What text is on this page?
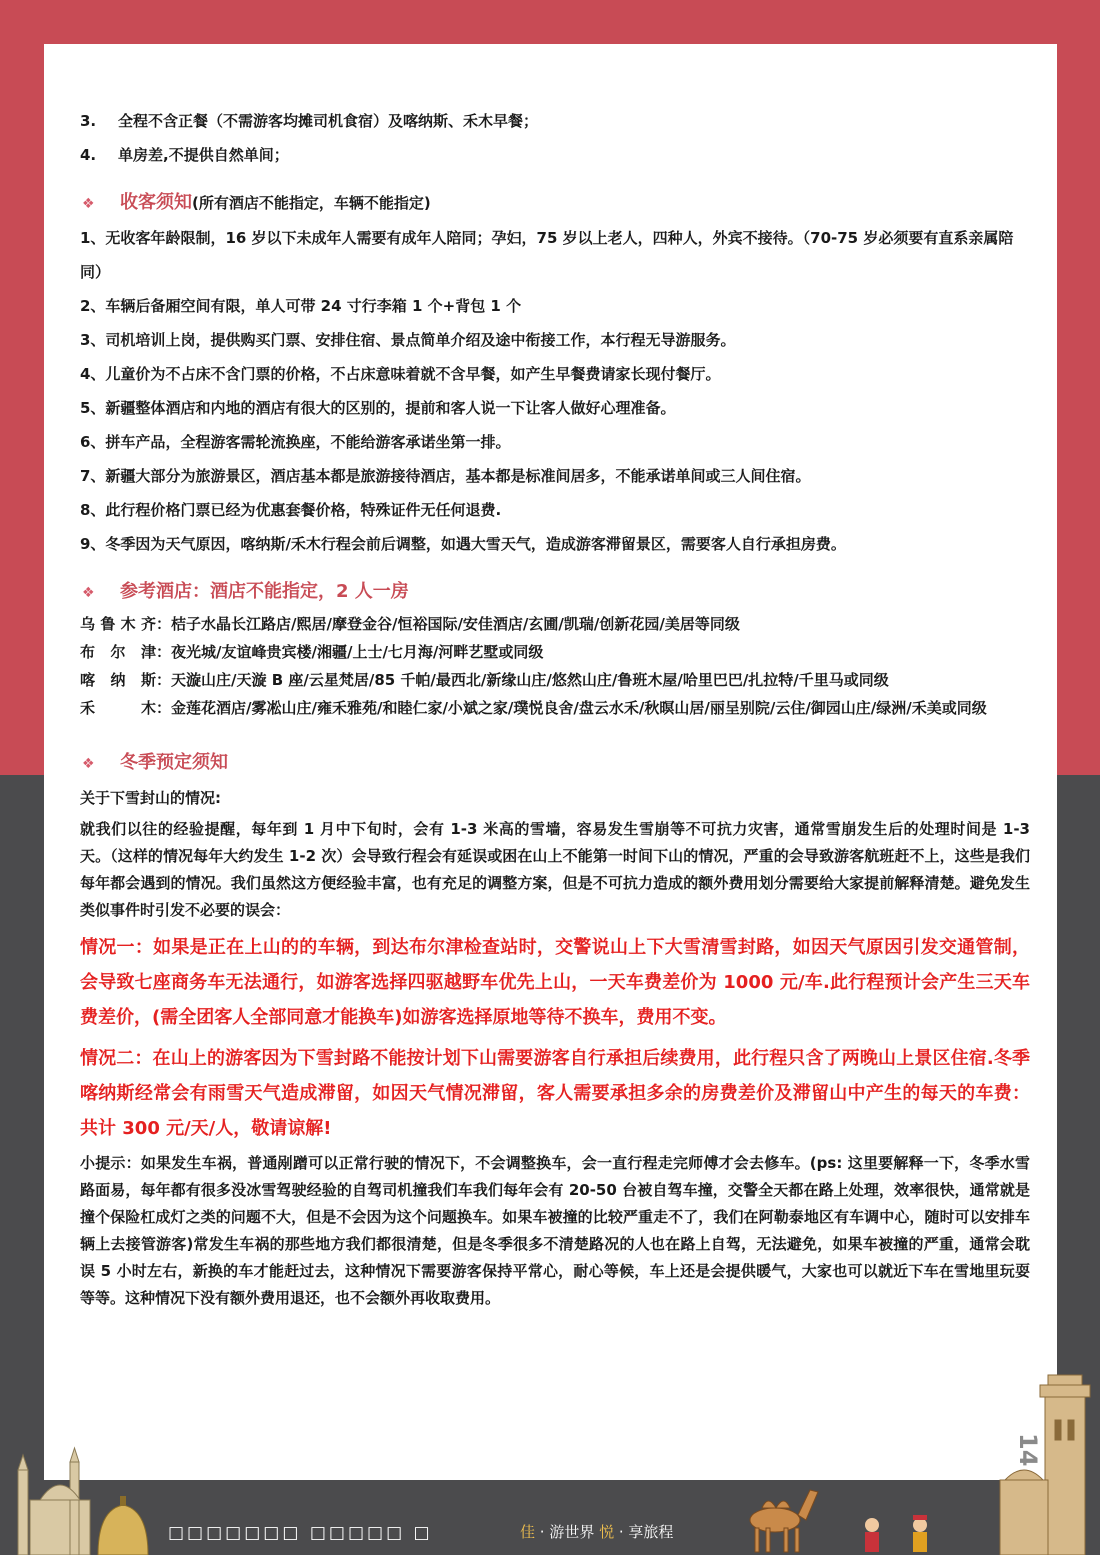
3. 全程不含正餐（不需游客均摊司机食宿）及喀纳斯、禾木早餐；
4. 单房差,不提供自然单间；
❖ 收客须知(所有酒店不能指定，车辆不能指定)
1、无收客年龄限制，16 岁以下未成年人需要有成年人陪同；孕妇，75 岁以上老人，四种人，外宾不接待。（70-75 岁必须要有直系亲属陪同）
2、车辆后备厢空间有限，单人可带 24 寸行李箱 1 个+背包 1 个
3、司机培训上岗，提供购买门票、安排住宿、景点简单介绍及途中衔接工作，本行程无导游服务。
4、儿童价为不占床不含门票的价格，不占床意味着就不含早餐，如产生早餐费请家长现付餐厅。
5、新疆整体酒店和内地的酒店有很大的区别的，提前和客人说一下让客人做好心理准备。
6、拼车产品，全程游客需轮流换座，不能给游客承诺坐第一排。
7、新疆大部分为旅游景区，酒店基本都是旅游接待酒店，基本都是标准间居多，不能承诺单间或三人间住宿。
8、此行程价格门票已经为优惠套餐价格，特殊证件无任何退费.
9、冬季因为天气原因，喀纳斯/禾木行程会前后调整，如遇大雪天气，造成游客滞留景区，需要客人自行承担房费。
❖ 参考酒店：酒店不能指定，2 人一房
乌鲁木齐：桔子水晶长江路店/熙居/摩登金谷/恒裕国际/安佳酒店/玄圃/凯瑞/创新花园/美居等同级
布尔津：夜光城/友谊峰贵宾楼/湘疆/上士/七月海/河畔艺墅或同级
喀纳斯：天漩山庄/天漩 B 座/云星梵居/85 千帕/最西北/新缘山庄/悠然山庄/鲁班木屋/哈里巴巴/扎拉特/千里马或同级
禾木：金莲花酒店/雾凇山庄/雍禾雅苑/和睦仁家/小斌之家/璞悦良舍/盘云水禾/秋暝山居/丽呈别院/云住/御园山庄/绿洲/禾美或同级
❖ 冬季预定须知
关于下雪封山的情况:
就我们以往的经验提醒，每年到 1 月中下旬时，会有 1-3 米高的雪墙，容易发生雪崩等不可抗力灾害，通常雪崩发生后的处理时间是 1-3 天。（这样的情况每年大约发生 1-2 次）会导致行程会有延误或困在山上不能第一时间下山的情况，严重的会导致游客航班赶不上，这些是我们每年都会遇到的情况。我们虽然这方便经验丰富，也有充足的调整方案，但是不可抗力造成的额外费用划分需要给大家提前解释清楚。避免发生类似事件时引发不必要的误会：
情况一：如果是正在上山的的车辆，到达布尔津检查站时，交警说山上下大雪清雪封路，如因天气原因引发交通管制，会导致七座商务车无法通行，如游客选择四驱越野车优先上山，一天车费差价为 1000 元/车.此行程预计会产生三天车费差价，(需全团客人全部同意才能换车)如游客选择原地等待不换车，费用不变。
情况二：在山上的游客因为下雪封路不能按计划下山需要游客自行承担后续费用，此行程只含了两晚山上景区住宿.冬季喀纳斯经常会有雨雪天气造成滞留，如因天气情况滞留，客人需要承担多余的房费差价及滞留山中产生的每天的车费：共计 300 元/天/人，敬请谅解!
小提示：如果发生车祸，普通剐蹭可以正常行驶的情况下，不会调整换车，会一直行程走完师傅才会去修车。(ps: 这里要解释一下，冬季水雪路面易，每年都有很多没冰雪驾驶经验的自驾司机撞我们车我们每年会有 20-50 台被自驾车撞，交警全天都在路上处理，效率很快，通常就是撞个保险杠成灯之类的问题不大，但是不会因为这个问题换车。如果车被撞的比较严重走不了，我们在阿勒泰地区有车调中心，随时可以安排车辆上去接管游客)常发生车祸的那些地方我们都很清楚，但是冬季很多不清楚路况的人也在路上自驾，无法避免，如果车被撞的严重，通常会耽误 5 小时左右，新换的车才能赶过去，这种情况下需要游客保持平常心，耐心等候，车上还是会提供暖气，大家也可以就近下车在雪地里玩耍等等。这种情况下没有额外费用退还，也不会额外再收取费用。
14
□□□□□□□ □□□□□ □	佳 · 游世界 悦 · 享旅程
